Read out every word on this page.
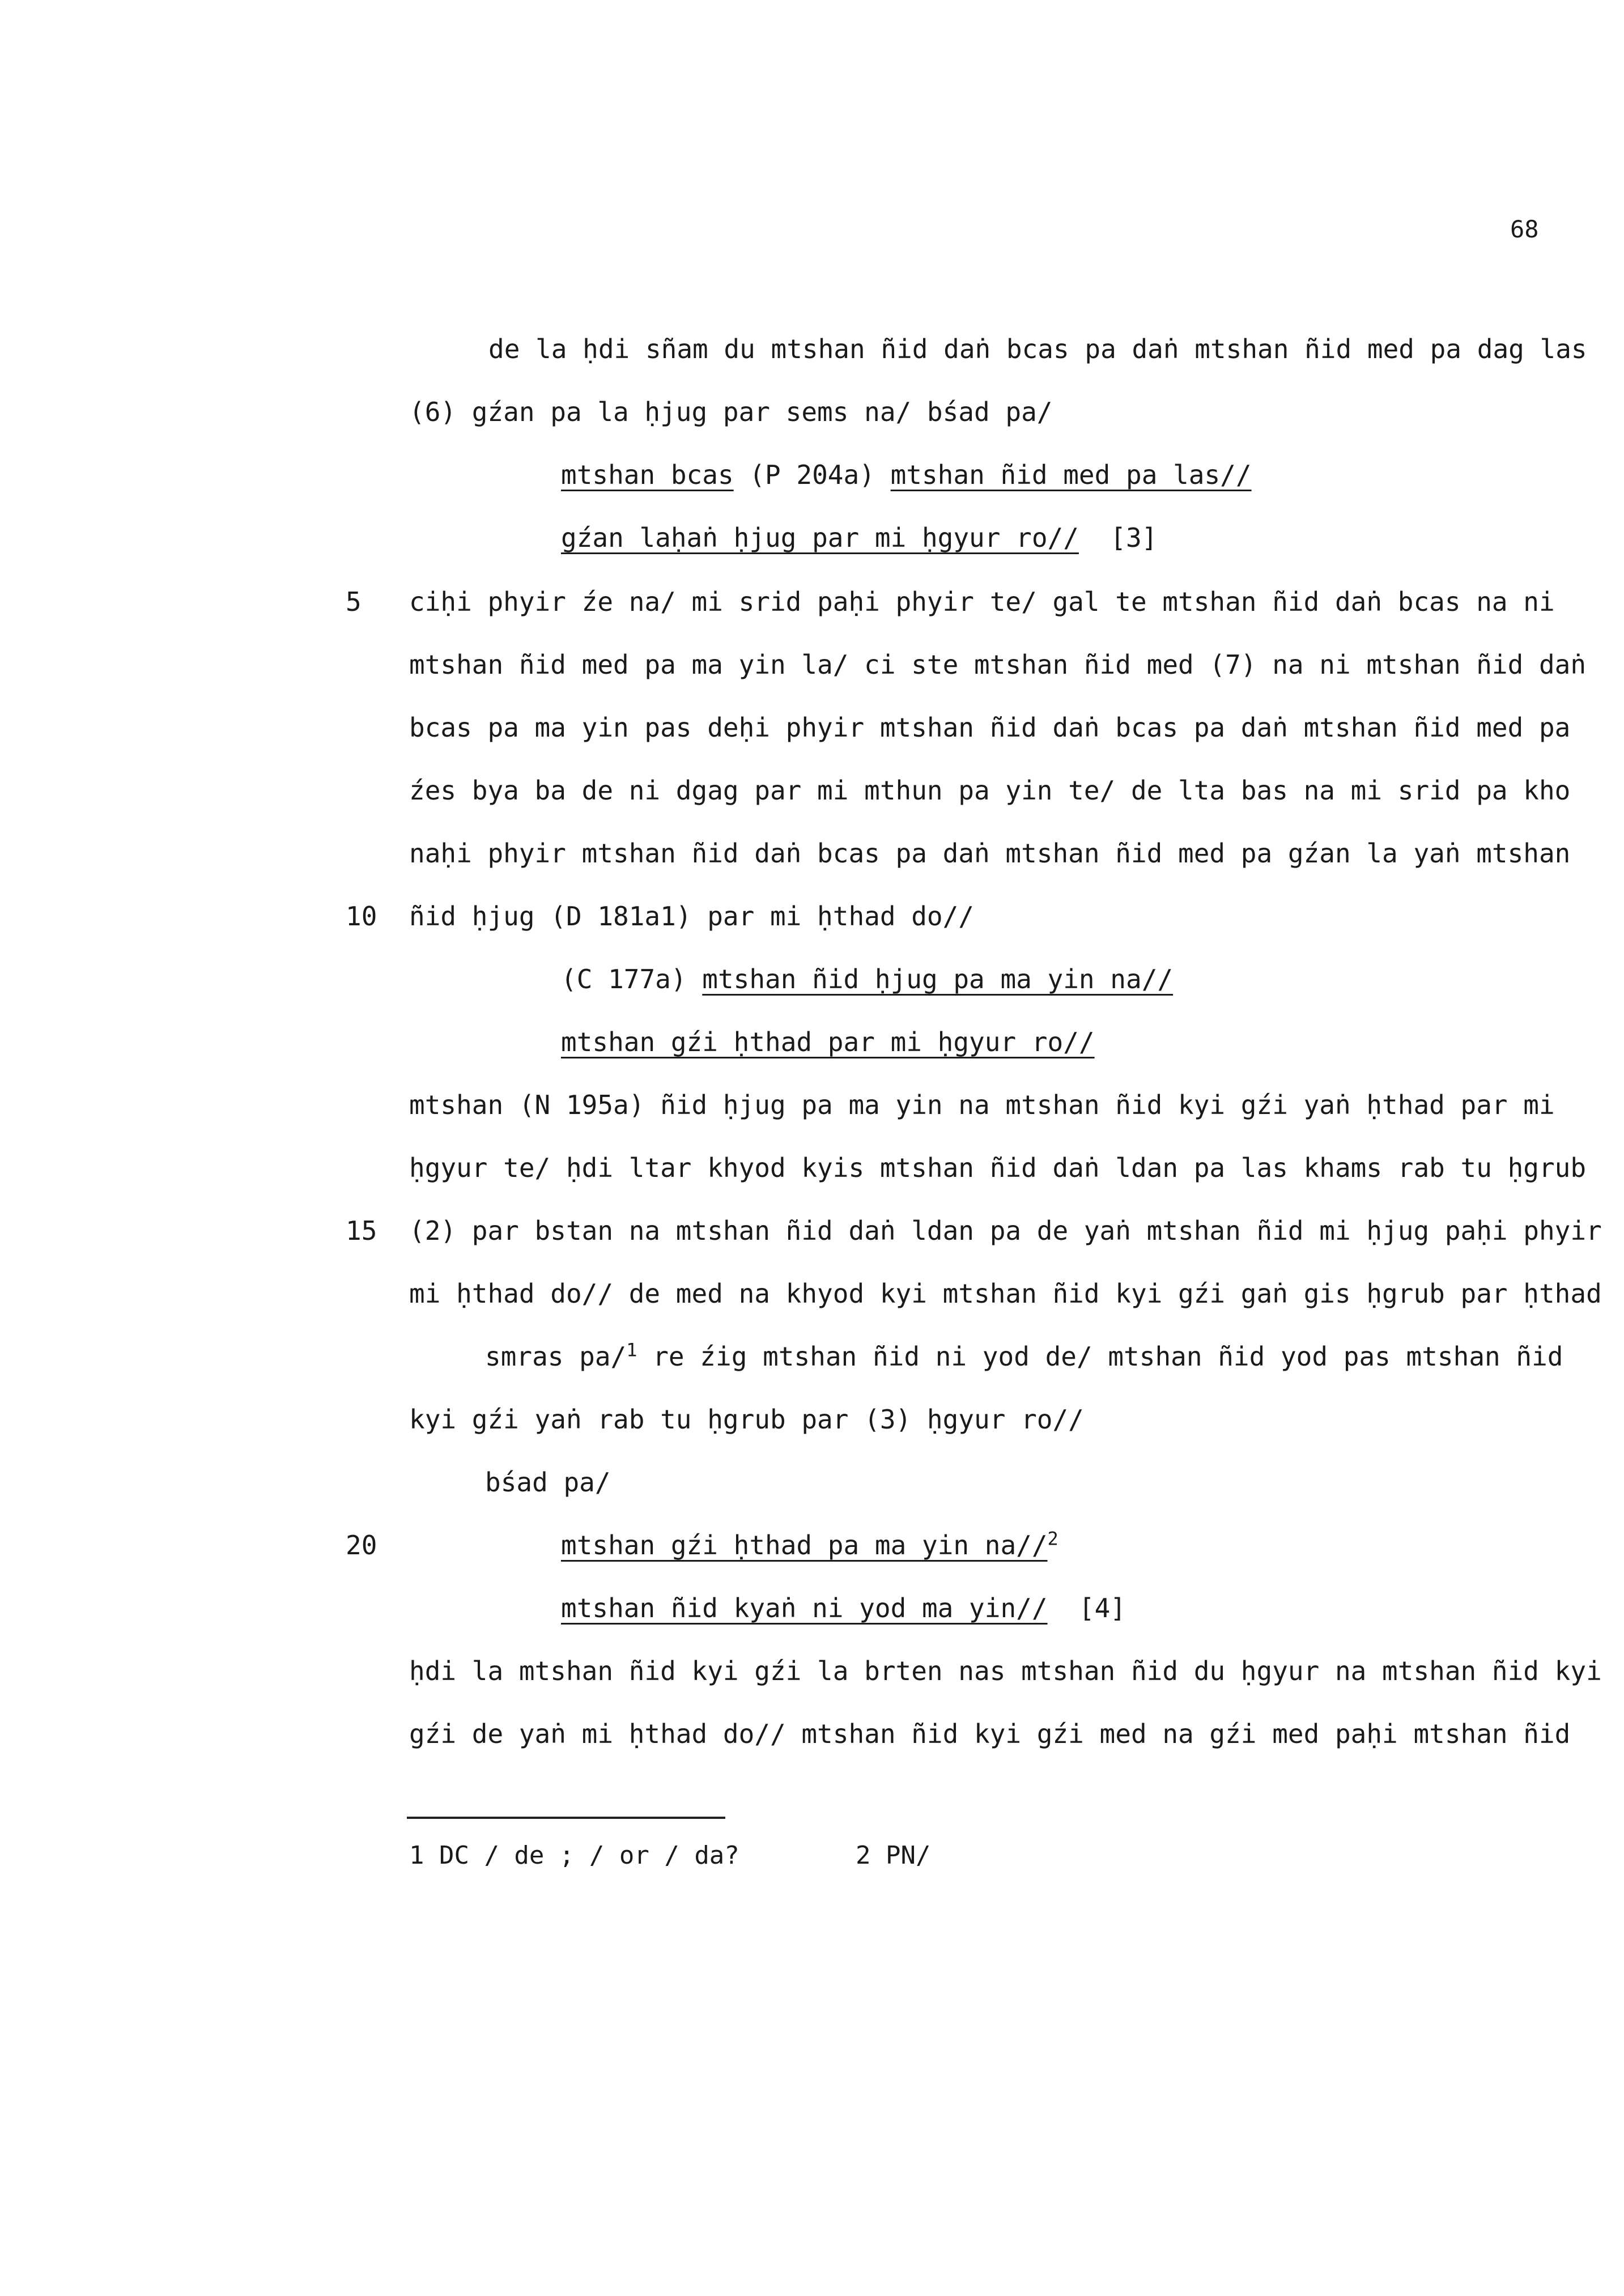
68
de la ḥdi sñam du mtshan ñid daṅ bcas pa daṅ mtshan ñid med pa dag las
(6) gźan pa la ḥjug par sems na/ bśad pa/
mtshan bcas (P 204a) mtshan ñid med pa las//
gźan laḥaṅ ḥjug par mi ḥgyur ro// [3]
5 ciḥi phyir źe na/ mi srid paḥi phyir te/ gal te mtshan ñid daṅ bcas na ni
mtshan ñid med pa ma yin la/ ci ste mtshan ñid med (7) na ni mtshan ñid daṅ
bcas pa ma yin pas deḥi phyir mtshan ñid daṅ bcas pa daṅ mtshan ñid med pa
źes bya ba de ni dgag par mi mthun pa yin te/ de lta bas na mi srid pa kho
naḥi phyir mtshan ñid daṅ bcas pa daṅ mtshan ñid med pa gźan la yaṅ mtshan
10 ñid ḥjug (D 181a1) par mi ḥthad do//
(C 177a) mtshan ñid ḥjug pa ma yin na//
mtshan gźi ḥthad par mi ḥgyur ro//
mtshan (N 195a) ñid ḥjug pa ma yin na mtshan ñid kyi gźi yaṅ ḥthad par mi
ḥgyur te/ ḥdi ltar khyod kyis mtshan ñid daṅ ldan pa las khams rab tu ḥgrub
15 (2) par bstan na mtshan ñid daṅ ldan pa de yaṅ mtshan ñid mi ḥjug paḥi phyir
mi ḥthad do// de med na khyod kyi mtshan ñid kyi gźi gaṅ gis ḥgrub par ḥthad
smras pa/$^1$ re źig mtshan ñid ni yod de/ mtshan ñid yod pas mtshan ñid
kyi gźi yaṅ rab tu ḥgrub par (3) ḥgyur ro//
bśad pa/
20	mtshan gźi ḥthad pa ma yin na//$^2$
mtshan ñid kyaṅ ni yod ma yin// [4]
ḥdi la mtshan ñid kyi gźi la brten nas mtshan ñid du ḥgyur na mtshan ñid kyi
gźi de yaṅ mi ḥthad do// mtshan ñid kyi gźi med na gźi med paḥi mtshan ñid
1 DC / de ; / or / da?	2 PN/
